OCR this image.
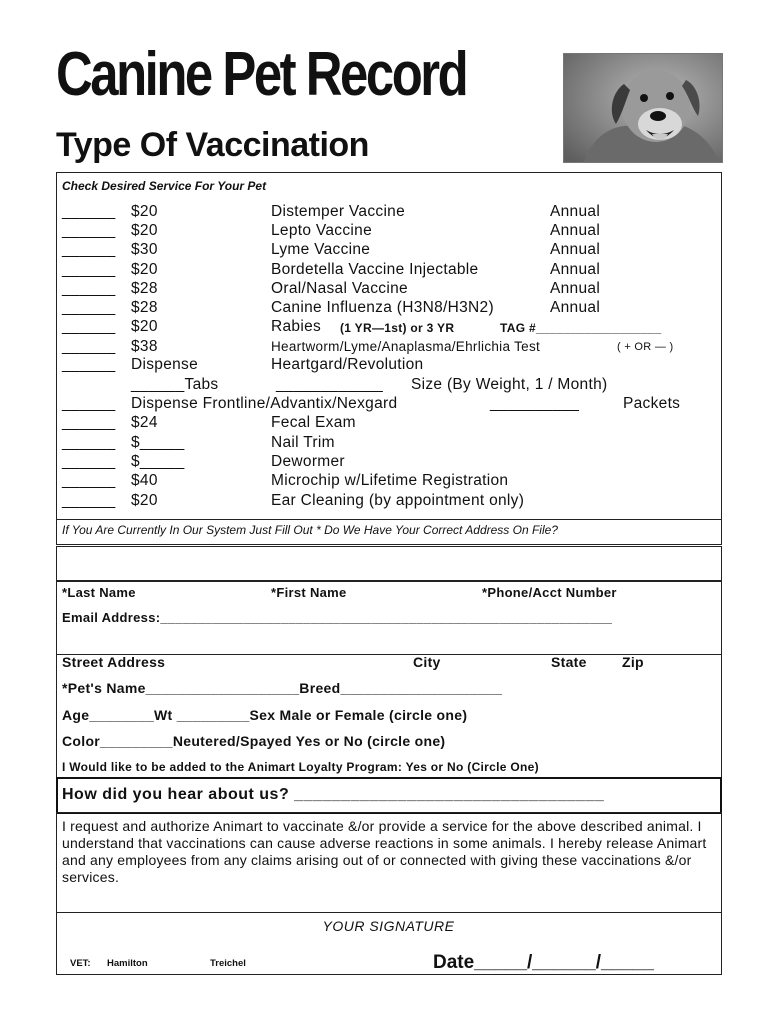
Canine Pet Record
Type Of Vaccination
Check Desired Service For Your Pet
______ $20	Distemper Vaccine	Annual
______ $20	Lepto Vaccine	Annual
______ $30	Lyme Vaccine	Annual
______ $20	Bordetella Vaccine Injectable	Annual
______ $28	Oral/Nasal Vaccine	Annual
______ $28	Canine Influenza (H3N8/H3N2)	Annual
______ $20	Rabies (1 YR—1st) or 3 YR	TAG #__________________
______ $38	Heartworm/Lyme/Anaplasma/Ehrlichia Test	( + OR — )
______ Dispense	Heartgard/Revolution
______Tabs	____________ Size (By Weight, 1 / Month)
______ Dispense Frontline/Advantix/Nexgard	__________	Packets
______ $24	Fecal Exam
______ $_____	Nail Trim
______ $_____	Dewormer
______ $40	Microchip w/Lifetime Registration
______ $20	Ear Cleaning (by appointment only)
If You Are Currently In Our System Just Fill Out * Do We Have Your Correct Address On File?
*Last Name	*First Name	*Phone/Acct Number
Email Address:____________________________________________________________
Street Address	City	State	Zip
*Pet's Name___________________Breed____________________
Age________Wt _________Sex Male or Female (circle one)
Color_________Neutered/Spayed Yes or No (circle one)
I Would like to be added to the Animart Loyalty Program: Yes or No (Circle One)
How did you hear about us? _________________________________
I request and authorize Animart to vaccinate &/or provide a service for the above described animal. I understand that vaccinations can cause adverse reactions in some animals. I hereby release Animart and any employees from any claims arising out of or connected with giving these vaccinations &/or services.
YOUR SIGNATURE
VET: Hamilton	Treichel	Date_____/______/_____
